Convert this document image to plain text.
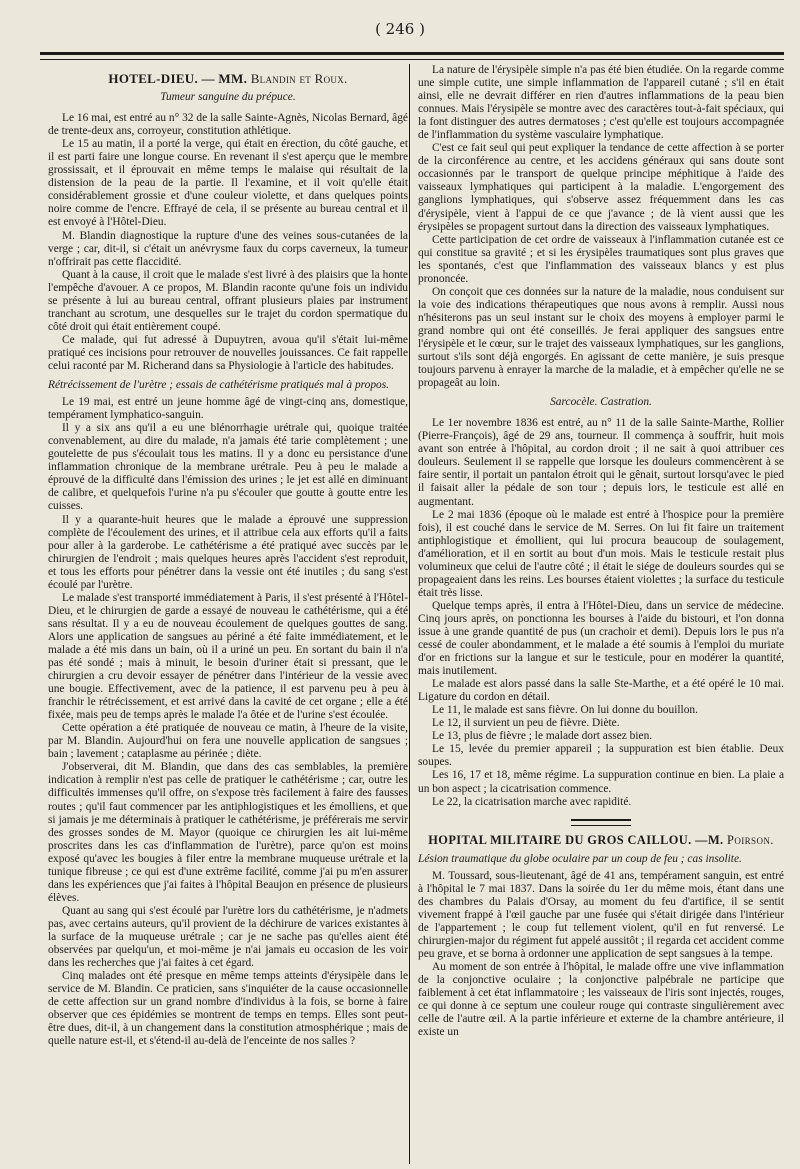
( 246 )
HOTEL-DIEU. — MM. Blandin et Roux.
Tumeur sanguine du prépuce.

Le 16 mai, est entré au n° 32 de la salle Sainte-Agnès, Nicolas Bernard, âgé de trente-deux ans, corroyeur, constitution athlétique.

Le 15 au matin, il a porté la verge, qui était en érection, du côté gauche, et il est parti faire une longue course. En revenant il s'est aperçu que le membre grossissait, et il éprouvait en même temps le malaise qui résultait de la distension de la peau de la partie. Il l'examine, et il voit qu'elle était considérablement grossie et d'une couleur violette, et dans quelques points noire comme de l'encre. Effrayé de cela, il se présente au bureau central et il est envoyé à l'Hôtel-Dieu.

M. Blandin diagnostique la rupture d'une des veines sous-cutanées de la verge ; car, dit-il, si c'était un anévrysme faux du corps caverneux, la tumeur n'offrirait pas cette flaccidité.

Quant à la cause, il croit que le malade s'est livré à des plaisirs que la honte l'empêche d'avouer. A ce propos, M. Blandin raconte qu'une fois un individu se présente à lui au bureau central, offrant plusieurs plaies par instrument tranchant au scrotum, une desquelles sur le trajet du cordon spermatique du côté droit qui était entièrement coupé.

Ce malade, qui fut adressé à Dupuytren, avoua qu'il s'était lui-même pratiqué ces incisions pour retrouver de nouvelles jouissances. Ce fait rappelle celui raconté par M. Richerand dans sa Physiologie à l'article des habitudes.

Rétrécissement de l'urètre ; essais de cathétérisme pratiqués mal à propos.

Le 19 mai, est entré un jeune homme âgé de vingt-cinq ans, domestique, tempérament lymphatico-sanguin.

Il y a six ans qu'il a eu une blénorrhagie urétrale qui, quoique traitée convenablement, au dire du malade, n'a jamais été tarie complètement ; une goutelette de pus s'écoulait tous les matins. Il y a donc eu persistance d'une inflammation chronique de la membrane urétrale. Peu à peu le malade a éprouvé de la difficulté dans l'émission des urines ; le jet est allé en diminuant de calibre, et quelquefois l'urine n'a pu s'écouler que goutte à goutte entre les cuisses.

Il y a quarante-huit heures que le malade a éprouvé une suppression complète de l'écoulement des urines, et il attribue cela aux efforts qu'il a faits pour aller à la garderobe. Le cathétérisme a été pratiqué avec succès par le chirurgien de l'endroit ; mais quelques heures après l'accident s'est reproduit, et tous les efforts pour pénétrer dans la vessie ont été inutiles ; du sang s'est écoulé par l'urètre.

Le malade s'est transporté immédiatement à Paris, il s'est présenté à l'Hôtel-Dieu, et le chirurgien de garde a essayé de nouveau le cathétérisme, qui a été sans résultat. Il y a eu de nouveau écoulement de quelques gouttes de sang. Alors une application de sangsues au périné a été faite immédiatement, et le malade a été mis dans un bain, où il a uriné un peu. En sortant du bain il n'a pas été sondé ; mais à minuit, le besoin d'uriner était si pressant, que le chirurgien a cru devoir essayer de pénétrer dans l'intérieur de la vessie avec une bougie. Effectivement, avec de la patience, il est parvenu peu à peu à franchir le rétrécissement, et est arrivé dans la cavité de cet organe ; elle a été fixée, mais peu de temps après le malade l'a ôtée et de l'urine s'est écoulée.

Cette opération a été pratiquée de nouveau ce matin, à l'heure de la visite, par M. Blandin. Aujourd'hui on fera une nouvelle application de sangsues ; bain ; lavement ; cataplasme au périnée ; diète.

J'observerai, dit M. Blandin, que dans des cas semblables, la première indication à remplir n'est pas celle de pratiquer le cathétérisme ; car, outre les difficultés immenses qu'il offre, on s'expose très facilement à faire des fausses routes ; qu'il faut commencer par les antiphlogistiques et les émolliens, et que si jamais je me déterminais à pratiquer le cathétérisme, je préférerais me servir des grosses sondes de M. Mayor (quoique ce chirurgien les ait lui-même proscrites dans les cas d'inflammation de l'urètre), parce qu'on est moins exposé qu'avec les bougies à filer entre la membrane muqueuse urétrale et la tunique fibreuse ; ce qui est d'une extrême facilité, comme j'ai pu m'en assurer dans les expériences que j'ai faites à l'hôpital Beaujon en présence de plusieurs élèves.

Quant au sang qui s'est écoulé par l'urètre lors du cathétérisme, je n'admets pas, avec certains auteurs, qu'il provient de la déchirure de varices existantes à la surface de la muqueuse urétrale ; car je ne sache pas qu'elles aient été observées par quelqu'un, et moi-même je n'ai jamais eu occasion de les voir dans les recherches que j'ai faites à cet égard.

Cinq malades ont été presque en même temps atteints d'érysipèle dans le service de M. Blandin. Ce praticien, sans s'inquiéter de la cause occasionnelle de cette affection sur un grand nombre d'individus à la fois, se borne à faire observer que ces épidémies se montrent de temps en temps. Elles sont peut-être dues, dit-il, à un changement dans la constitution atmosphérique ; mais de quelle nature est-il, et s'étend-il au-delà de l'enceinte de nos salles ?

La nature de l'érysipèle simple n'a pas été bien étudiée. On la regarde comme une simple cutite, une simple inflammation de l'appareil cutané ; s'il en était ainsi, elle ne devrait différer en rien d'autres inflammations de la peau bien connues. Mais l'érysipèle se montre avec des caractères tout-à-fait spéciaux, qui la font distinguer des autres dermatoses ; c'est qu'elle est toujours accompagnée de l'inflammation du système vasculaire lymphatique.

C'est ce fait seul qui peut expliquer la tendance de cette affection à se porter de la circonférence au centre, et les accidens généraux qui sans doute sont occasionnés par le transport de quelque principe méphitique à l'aide des vaisseaux lymphatiques qui participent à la maladie. L'engorgement des ganglions lymphatiques, qui s'observe assez fréquemment dans les cas d'érysipèle, vient à l'appui de ce que j'avance ; de là vient aussi que les érysipèles se propagent surtout dans la direction des vaisseaux lymphatiques.

Cette participation de cet ordre de vaisseaux à l'inflammation cutanée est ce qui constitue sa gravité ; et si les érysipèles traumatiques sont plus graves que les spontanés, c'est que l'inflammation des vaisseaux blancs y est plus prononcée.

On conçoit que ces données sur la nature de la maladie, nous conduisent sur la voie des indications thérapeutiques que nous avons à remplir. Aussi nous n'hésiterons pas un seul instant sur le choix des moyens à employer parmi le grand nombre qui ont été conseillés. Je ferai appliquer des sangsues entre l'érysipèle et le cœur, sur le trajet des vaisseaux lymphatiques, sur les ganglions, surtout s'ils sont déjà engorgés. En agissant de cette manière, je suis presque toujours parvenu à enrayer la marche de la maladie, et à empêcher qu'elle ne se propageât au loin.

Sarcocèle. Castration.

Le 1er novembre 1836 est entré, au n° 11 de la salle Sainte-Marthe, Rollier (Pierre-François), âgé de 29 ans, tourneur. Il commença à souffrir, huit mois avant son entrée à l'hôpital, au cordon droit ; il ne sait à quoi attribuer ces douleurs. Seulement il se rappelle que lorsque les douleurs commencèrent à se faire sentir, il portait un pantalon étroit qui le gênait, surtout lorsqu'avec le pied il faisait aller la pédale de son tour ; depuis lors, le testicule est allé en augmentant.

Le 2 mai 1836 (époque où le malade est entré à l'hospice pour la première fois), il est couché dans le service de M. Serres. On lui fit faire un traitement antiphlogistique et émollient, qui lui procura beaucoup de soulagement, d'amélioration, et il en sortit au bout d'un mois. Mais le testicule restait plus volumineux que celui de l'autre côté ; il était le siége de douleurs sourdes qui se propageaient dans les reins. Les bourses étaient violettes ; la surface du testicule était très lisse.

Quelque temps après, il entra à l'Hôtel-Dieu, dans un service de médecine. Cinq jours après, on ponctionna les bourses à l'aide du bistouri, et l'on donna issue à une grande quantité de pus (un crachoir et demi). Depuis lors le pus n'a cessé de couler abondamment, et le malade a été soumis à l'emploi du muriate d'or en frictions sur la langue et sur le testicule, pour en modérer la quantité, mais inutilement.

Le malade est alors passé dans la salle Ste-Marthe, et a été opéré le 10 mai. Ligature du cordon en détail.

Le 11, le malade est sans fièvre. On lui donne du bouillon.

Le 12, il survient un peu de fièvre. Diète.

Le 13, plus de fièvre ; le malade dort assez bien.

Le 15, levée du premier appareil ; la suppuration est bien établie. Deux soupes.

Les 16, 17 et 18, même régime. La suppuration continue en bien. La plaie a un bon aspect ; la cicatrisation commence.

Le 22, la cicatrisation marche avec rapidité.

HOPITAL MILITAIRE DU GROS CAILLOU. —M. Poirson.

Lésion traumatique du globe oculaire par un coup de feu ; cas insolite.

M. Toussard, sous-lieutenant, âgé de 41 ans, tempérament sanguin, est entré à l'hôpital le 7 mai 1837. Dans la soirée du 1er du même mois, étant dans une des chambres du Palais d'Orsay, au moment du feu d'artifice, il se sentit vivement frappé à l'œil gauche par une fusée qui s'était dirigée dans l'intérieur de l'appartement ; le coup fut tellement violent, qu'il en fut renversé. Le chirurgien-major du régiment fut appelé aussitôt ; il regarda cet accident comme peu grave, et se borna à ordonner une application de sept sangsues à la tempe.

Au moment de son entrée à l'hôpital, le malade offre une vive inflammation de la conjonctive oculaire ; la conjonctive palpébrale ne participe que faiblement à cet état inflammatoire ; les vaisseaux de l'iris sont injectés, rouges, ce qui donne à ce septum une couleur rouge qui contraste singulièrement avec celle de l'autre œil. A la partie inférieure et externe de la chambre antérieure, il existe un
